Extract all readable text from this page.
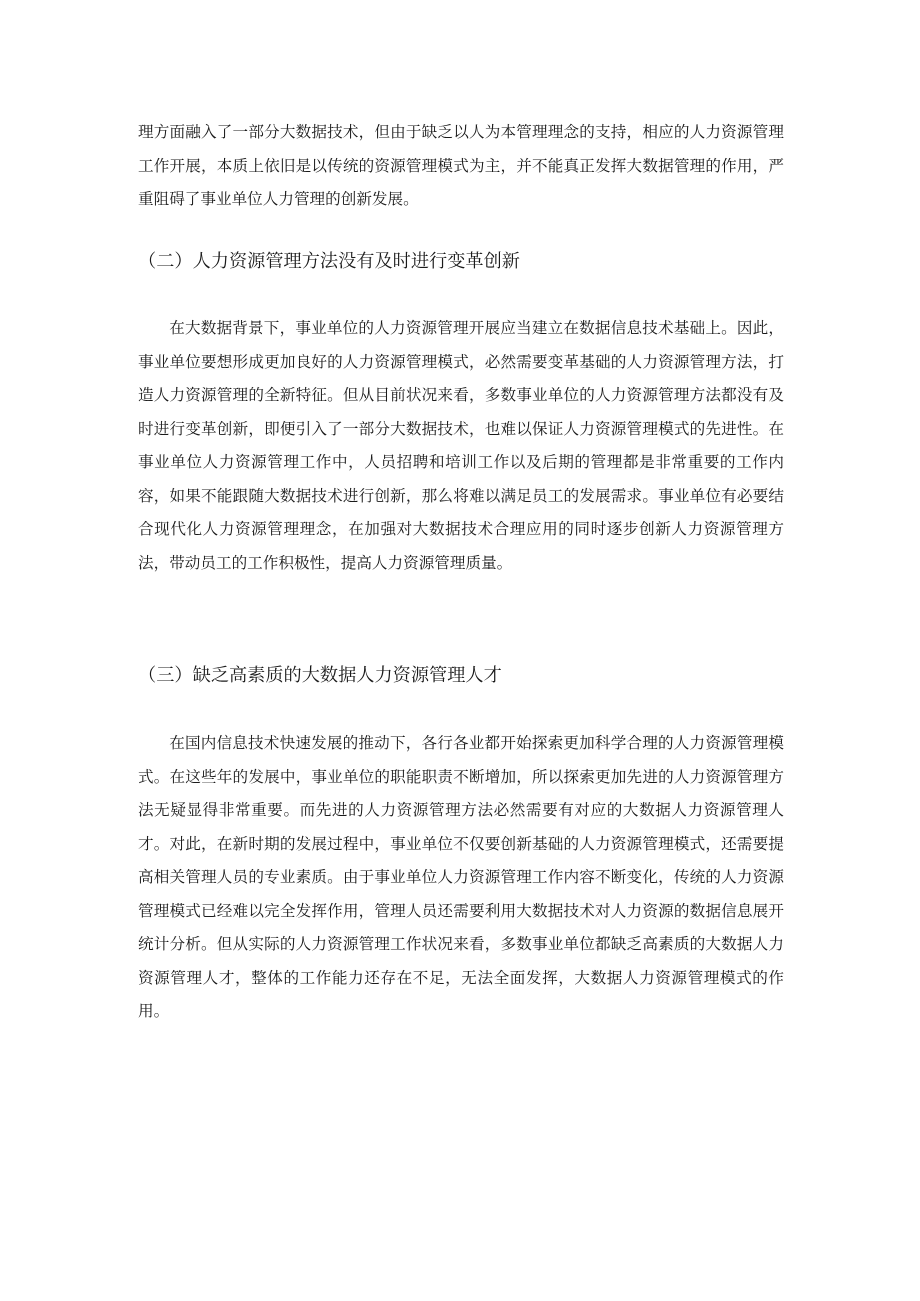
理方面融入了一部分大数据技术，但由于缺乏以人为本管理理念的支持，相应的人力资源管理工作开展，本质上依旧是以传统的资源管理模式为主，并不能真正发挥大数据管理的作用，严重阻碍了事业单位人力管理的创新发展。

（二）人力资源管理方法没有及时进行变革创新

在大数据背景下，事业单位的人力资源管理开展应当建立在数据信息技术基础上。因此，事业单位要想形成更加良好的人力资源管理模式，必然需要变革基础的人力资源管理方法，打造人力资源管理的全新特征。但从目前状况来看，多数事业单位的人力资源管理方法都没有及时进行变革创新，即便引入了一部分大数据技术，也难以保证人力资源管理模式的先进性。在事业单位人力资源管理工作中，人员招聘和培训工作以及后期的管理都是非常重要的工作内容，如果不能跟随大数据技术进行创新，那么将难以满足员工的发展需求。事业单位有必要结合现代化人力资源管理理念，在加强对大数据技术合理应用的同时逐步创新人力资源管理方法，带动员工的工作积极性，提高人力资源管理质量。

（三）缺乏高素质的大数据人力资源管理人才

在国内信息技术快速发展的推动下，各行各业都开始探索更加科学合理的人力资源管理模式。在这些年的发展中，事业单位的职能职责不断增加，所以探索更加先进的人力资源管理方法无疑显得非常重要。而先进的人力资源管理方法必然需要有对应的大数据人力资源管理人才。对此，在新时期的发展过程中，事业单位不仅要创新基础的人力资源管理模式，还需要提高相关管理人员的专业素质。由于事业单位人力资源管理工作内容不断变化，传统的人力资源管理模式已经难以完全发挥作用，管理人员还需要利用大数据技术对人力资源的数据信息展开统计分析。但从实际的人力资源管理工作状况来看，多数事业单位都缺乏高素质的大数据人力资源管理人才，整体的工作能力还存在不足，无法全面发挥，大数据人力资源管理模式的作用。
